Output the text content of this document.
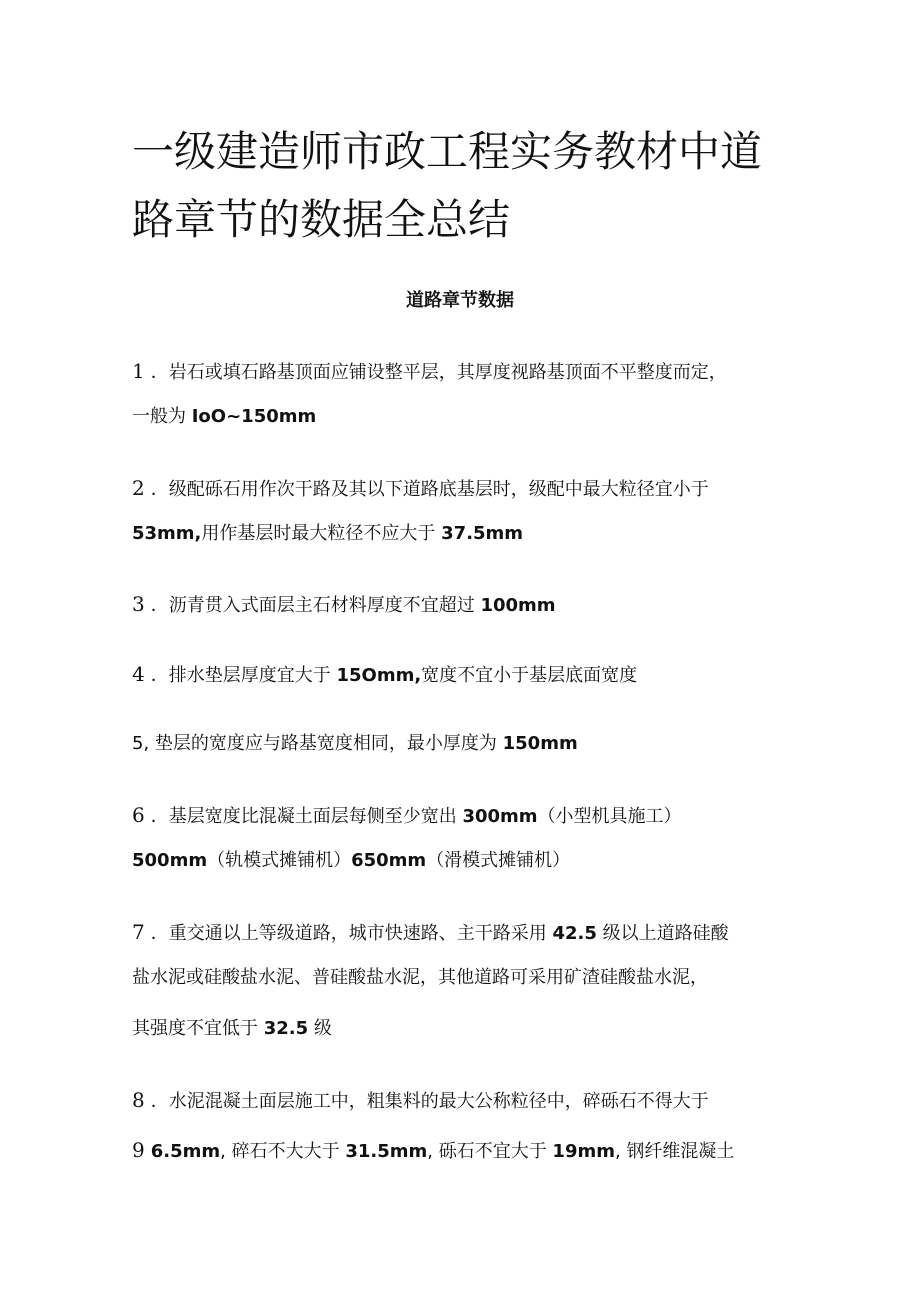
一级建造师市政工程实务教材中道
路章节的数据全总结
道路章节数据
1 ．岩石或填石路基顶面应铺设整平层，其厚度视路基顶面不平整度而定，
一般为 IoO~150mm
2 ．级配砾石用作次干路及其以下道路底基层时，级配中最大粒径宜小于
53mm,用作基层时最大粒径不应大于 37.5mm
3 ．沥青贯入式面层主石材料厚度不宜超过 100mm
4 ．排水垫层厚度宜大于 15Omm,宽度不宜小于基层底面宽度
5, 垫层的宽度应与路基宽度相同，最小厚度为 150mm
6 ．基层宽度比混凝土面层每侧至少宽出 300mm（小型机具施工）
500mm（轨模式摊铺机）650mm（滑模式摊铺机）
7 ．重交通以上等级道路，城市快速路、主干路采用 42.5 级以上道路硅酸
盐水泥或硅酸盐水泥、普硅酸盐水泥，其他道路可采用矿渣硅酸盐水泥，
其强度不宜低于 32.5 级
8 ．水泥混凝土面层施工中，粗集料的最大公称粒径中，碎砾石不得大于
9 6.5mm, 碎石不大大于 31.5mm, 砾石不宜大于 19mm, 钢纤维混凝土
